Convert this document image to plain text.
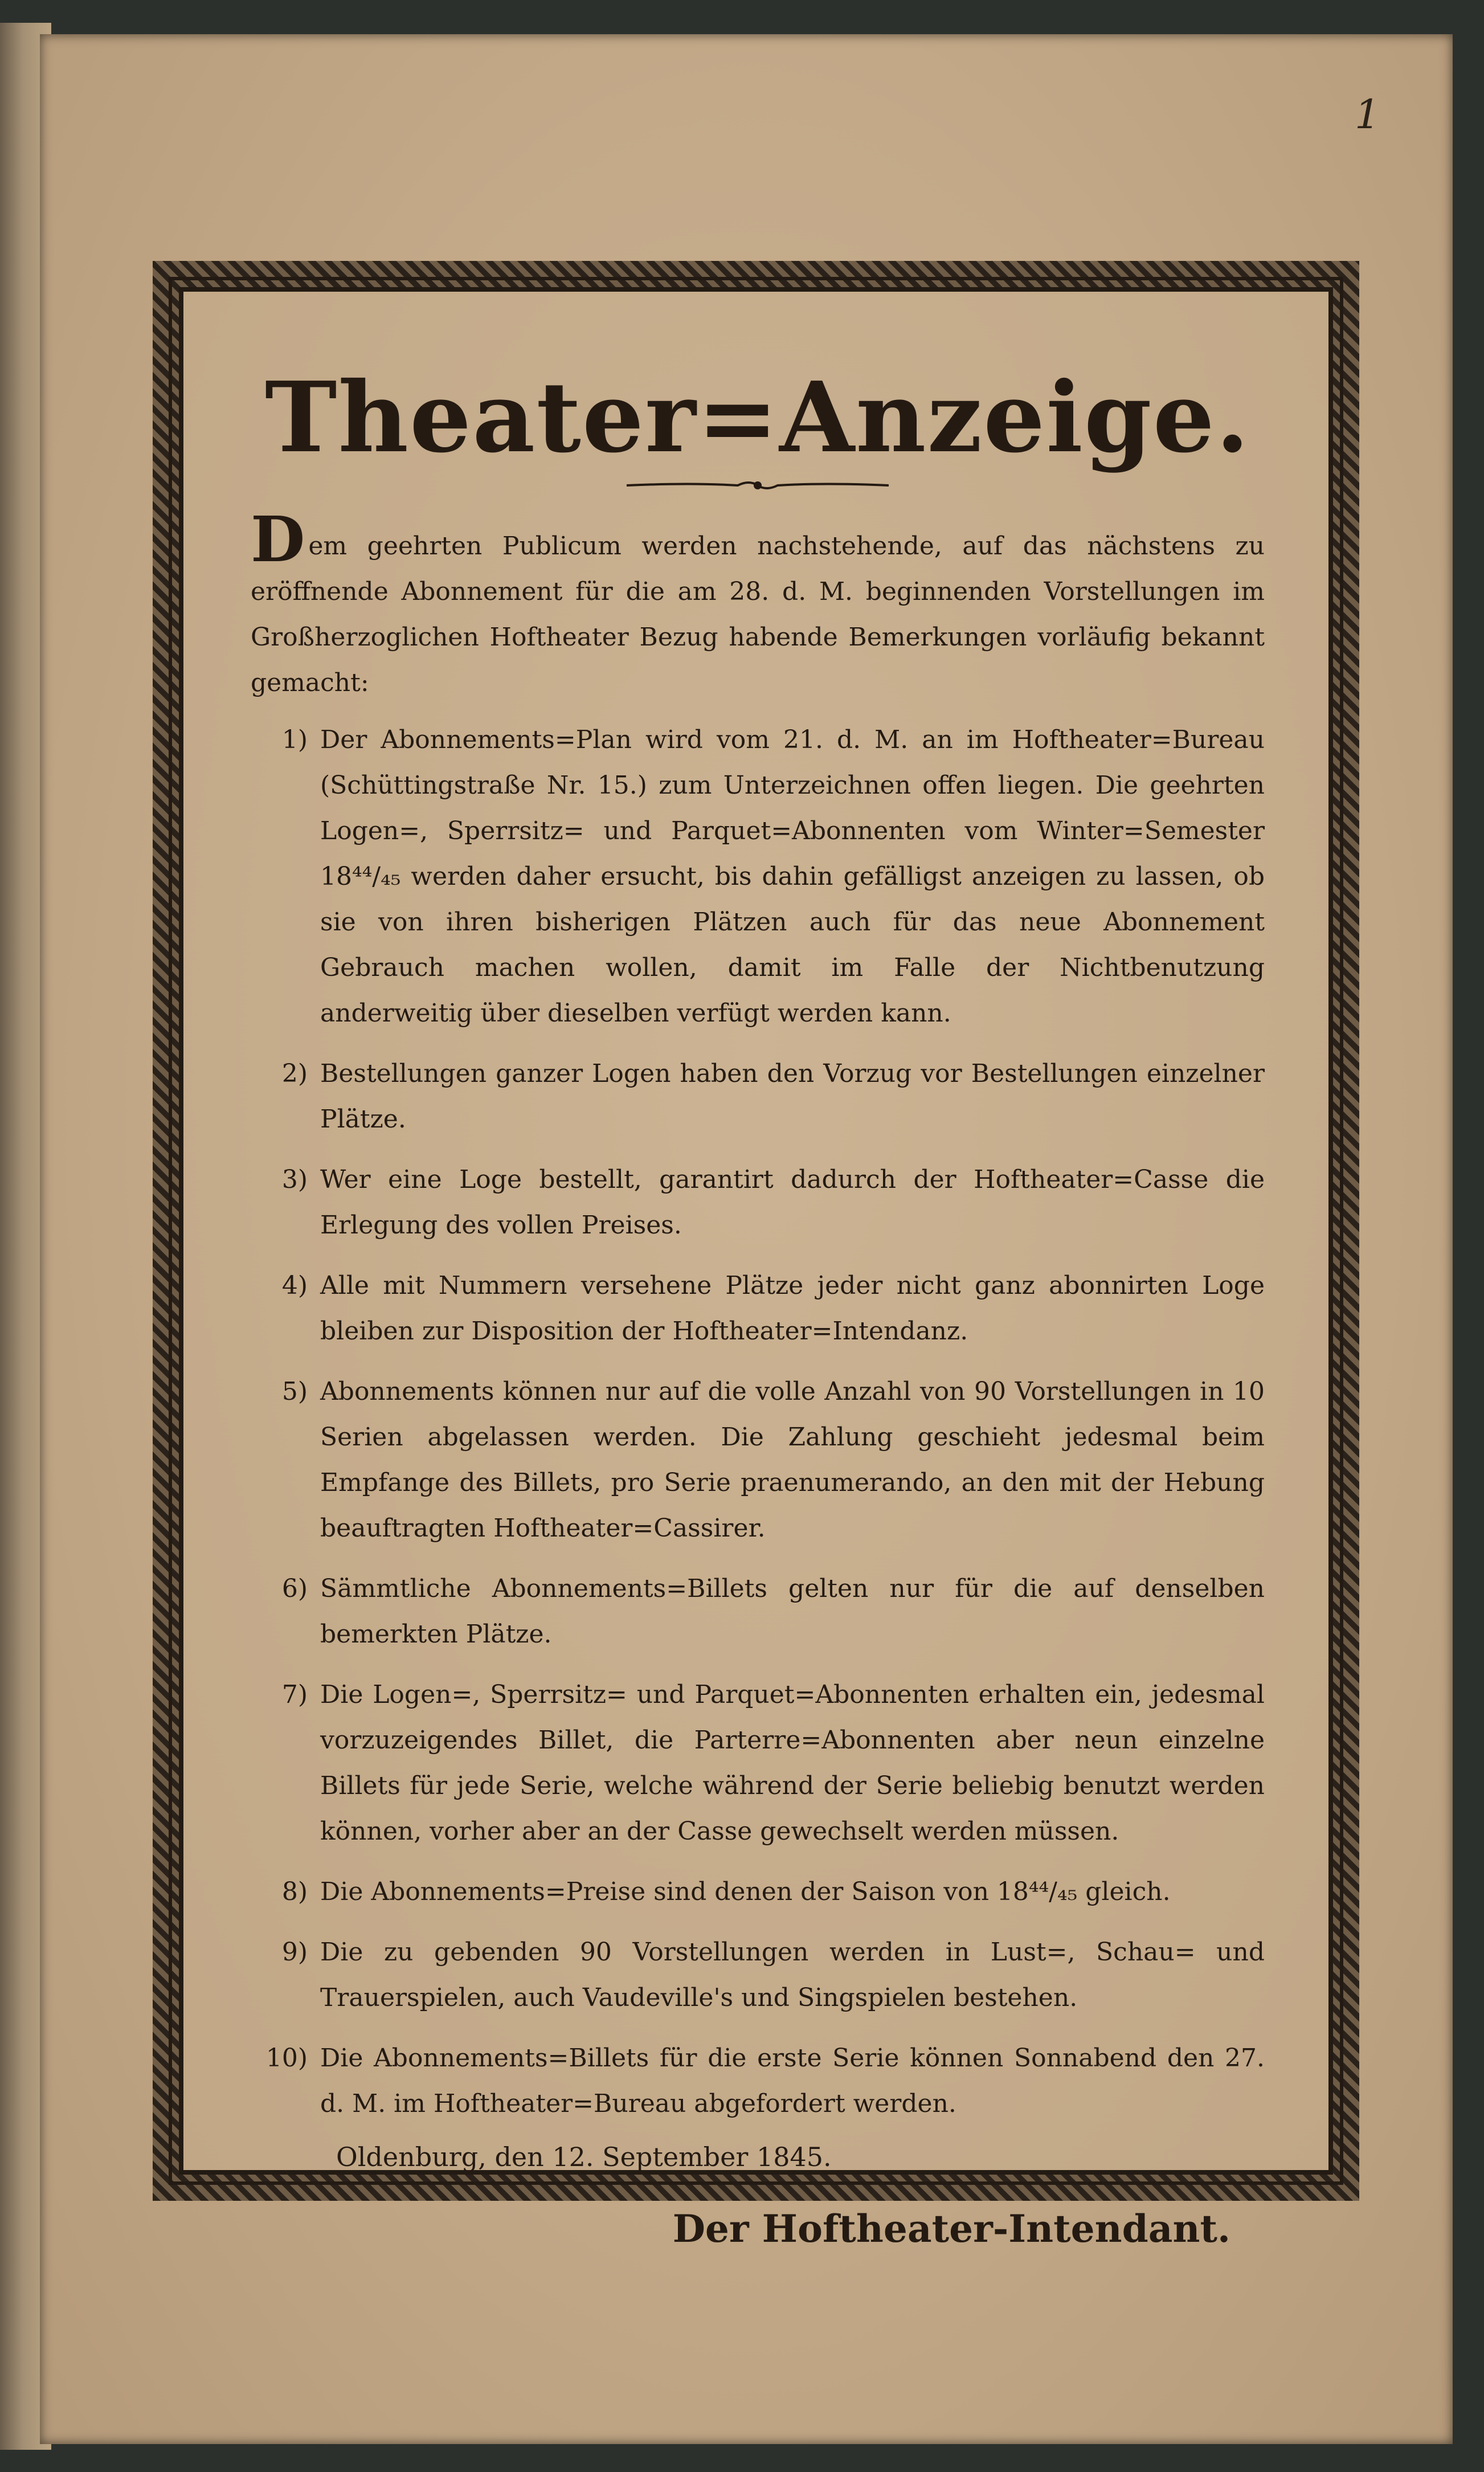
1
Theater=Anzeige.

Dem geehrten Publicum werden nachstehende, auf das nächstens zu eröffnende Abonnement für die am 28. d. M. beginnenden Vorstellungen im Großherzoglichen Hoftheater Bezug habende Bemerkungen vorläufig bekannt gemacht:

1) Der Abonnements=Plan wird vom 21. d. M. an im Hoftheater=Bureau (Schüttingstraße Nr. 15.) zum Unterzeichnen offen liegen. Die geehrten Logen=, Sperrsitz= und Parquet=Abonnenten vom Winter=Semester 18⁴⁴/₄₅ werden daher ersucht, bis dahin gefälligst anzeigen zu lassen, ob sie von ihren bisherigen Plätzen auch für das neue Abonnement Gebrauch machen wollen, damit im Falle der Nichtbenutzung anderweitig über dieselben verfügt werden kann.
2) Bestellungen ganzer Logen haben den Vorzug vor Bestellungen einzelner Plätze.
3) Wer eine Loge bestellt, garantirt dadurch der Hoftheater=Casse die Erlegung des vollen Preises.
4) Alle mit Nummern versehene Plätze jeder nicht ganz abonnirten Loge bleiben zur Disposition der Hoftheater=Intendanz.
5) Abonnements können nur auf die volle Anzahl von 90 Vorstellungen in 10 Serien abgelassen werden. Die Zahlung geschieht jedesmal beim Empfange des Billets, pro Serie praenumerando, an den mit der Hebung beauftragten Hoftheater=Cassirer.
6) Sämmtliche Abonnements=Billets gelten nur für die auf denselben bemerkten Plätze.
7) Die Logen=, Sperrsitz= und Parquet=Abonnenten erhalten ein, jedesmal vorzuzeigendes Billet, die Parterre=Abonnenten aber neun einzelne Billets für jede Serie, welche während der Serie beliebig benutzt werden können, vorher aber an der Casse gewechselt werden müssen.
8) Die Abonnements=Preise sind denen der Saison von 18⁴⁴/₄₅ gleich.
9) Die zu gebenden 90 Vorstellungen werden in Lust=, Schau= und Trauerspielen, auch Vaudeville's und Singspielen bestehen.
10) Die Abonnements=Billets für die erste Serie können Sonnabend den 27. d. M. im Hoftheater=Bureau abgefordert werden.

Oldenburg, den 12. September 1845.

Der Hoftheater-Intendant.
